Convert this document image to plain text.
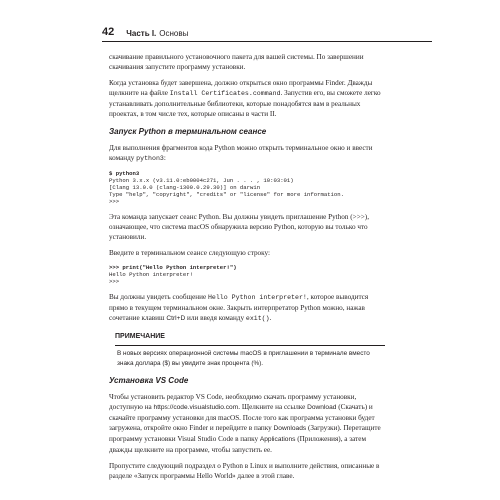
42 Часть I. Основы

скачивание правильного установочного пакета для вашей системы. По завершении скачивания запустите программу установки.

Когда установка будет завершена, должно открыться окно программы Finder. Дважды щелкните на файле Install Certificates.command. Запустив его, вы сможете легко устанавливать дополнительные библиотеки, которые понадобятся вам в реальных проектах, в том числе тех, которые описаны в части II.

Запуск Python в терминальном сеансе

Для выполнения фрагментов кода Python можно открыть терминальное окно и ввести команду python3:

$ python3
Python 3.x.x (v3.11.0:eb0004c271, Jun . . . , 10:03:01)
[Clang 13.0.0 (clang-1300.0.29.30)] on darwin
Type "help", "copyright", "credits" or "license" for more information.
>>>

Эта команда запускает сеанс Python. Вы должны увидеть приглашение Python (>>>), означающее, что система macOS обнаружила версию Python, которую вы только что установили.

Введите в терминальном сеансе следующую строку:

>>> print("Hello Python interpreter!")
Hello Python interpreter!
>>>

Вы должны увидеть сообщение Hello Python interpreter!, которое выводится прямо в текущем терминальном окне. Закрыть интерпретатор Python можно, нажав сочетание клавиш Ctrl+D или введя команду exit().

ПРИМЕЧАНИЕ
В новых версиях операционной системы macOS в приглашении в терминале вместо знака доллара ($) вы увидите знак процента (%).
Установка VS Code

Чтобы установить редактор VS Code, необходимо скачать программу установки, доступную на https://code.visualstudio.com. Щелкните на ссылке Download (Скачать) и скачайте программу установки для macOS. После того как программа установки будет загружена, откройте окно Finder и перейдите в папку Downloads (Загрузки). Перетащите программу установки Visual Studio Code в папку Applications (Приложения), а затем дважды щелкните на программе, чтобы запустить ее.

Пропустите следующий подраздел о Python в Linux и выполните действия, описанные в разделе «Запуск программы Hello World» далее в этой главе.
